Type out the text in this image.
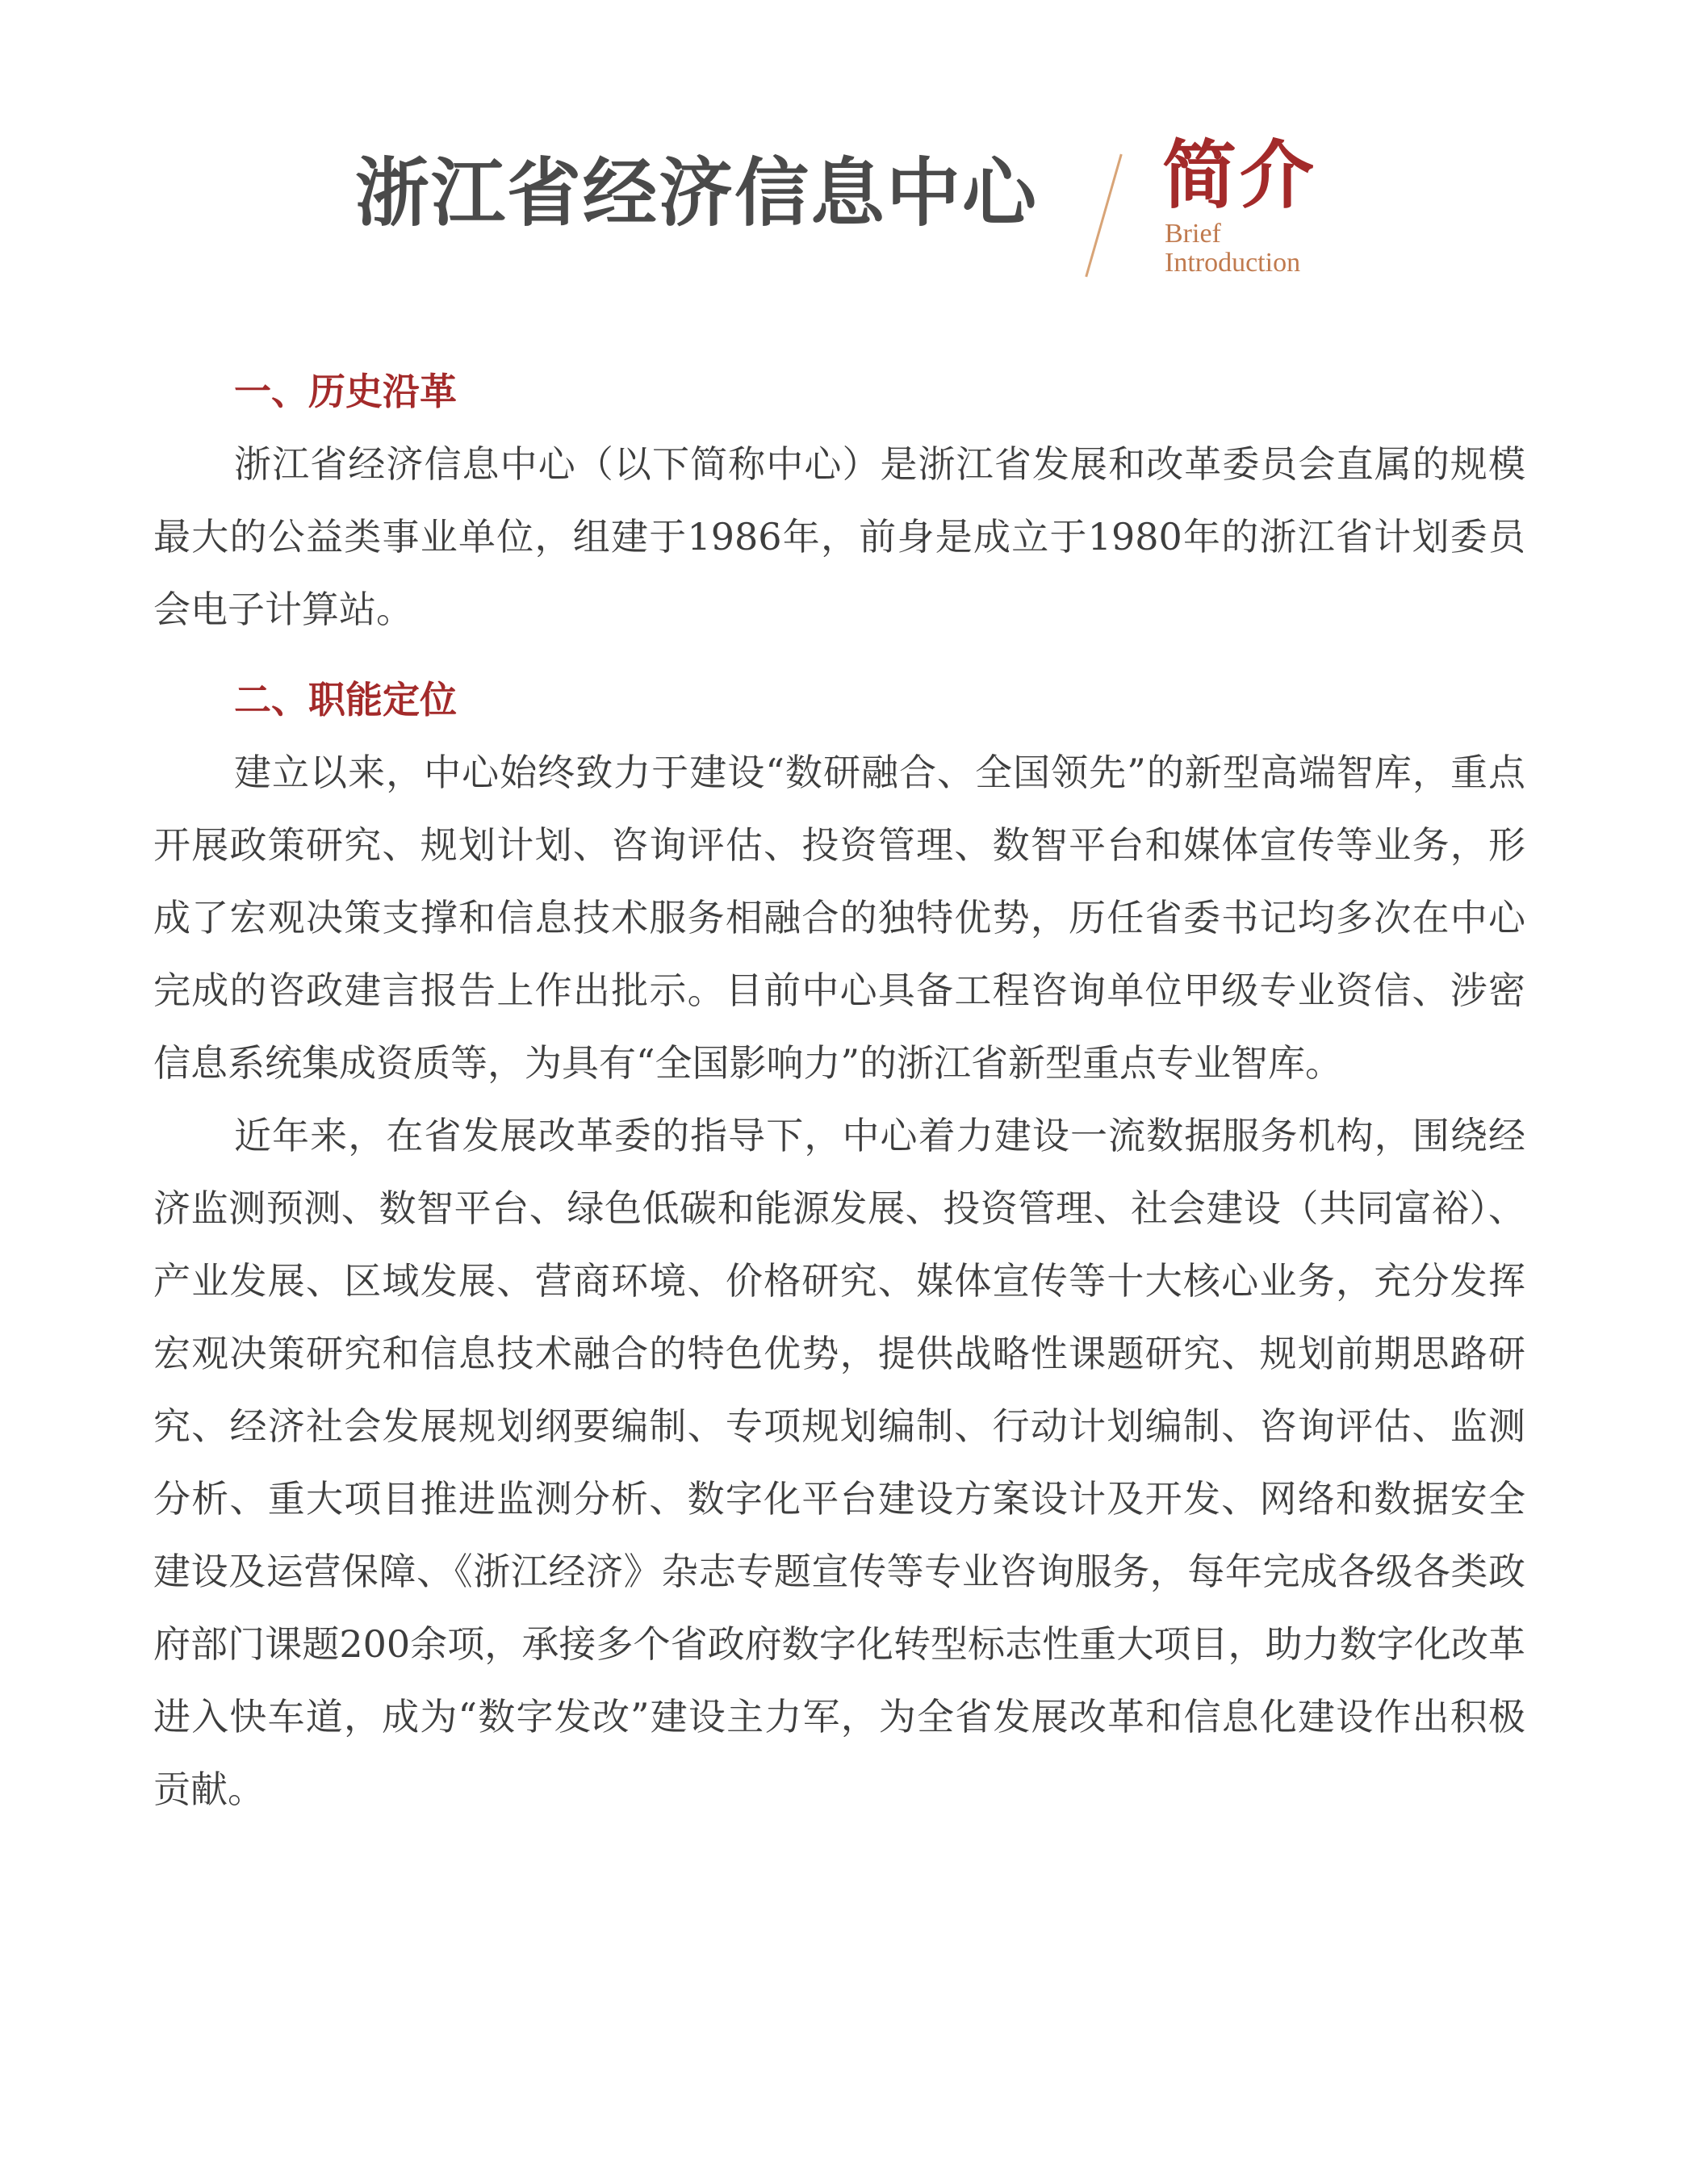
浙江省经济信息中心 简介
Brief
Introduction
一、历史沿革

浙江省经济信息中心（以下简称中心）是浙江省发展和改革委员会直属的规模最大的公益类事业单位，组建于1986年，前身是成立于1980年的浙江省计划委员会电子计算站。

二、职能定位

建立以来，中心始终致力于建设“数研融合、全国领先”的新型高端智库，重点开展政策研究、规划计划、咨询评估、投资管理、数智平台和媒体宣传等业务，形成了宏观决策支撑和信息技术服务相融合的独特优势，历任省委书记均多次在中心完成的咨政建言报告上作出批示。目前中心具备工程咨询单位甲级专业资信、涉密信息系统集成资质等，为具有“全国影响力”的浙江省新型重点专业智库。

近年来，在省发展改革委的指导下，中心着力建设一流数据服务机构，围绕经济监测预测、数智平台、绿色低碳和能源发展、投资管理、社会建设（共同富裕）、产业发展、区域发展、营商环境、价格研究、媒体宣传等十大核心业务，充分发挥宏观决策研究和信息技术融合的特色优势，提供战略性课题研究、规划前期思路研究、经济社会发展规划纲要编制、专项规划编制、行动计划编制、咨询评估、监测分析、重大项目推进监测分析、数字化平台建设方案设计及开发、网络和数据安全建设及运营保障、《浙江经济》杂志专题宣传等专业咨询服务，每年完成各级各类政府部门课题200余项，承接多个省政府数字化转型标志性重大项目，助力数字化改革进入快车道，成为“数字发改”建设主力军，为全省发展改革和信息化建设作出积极贡献。
